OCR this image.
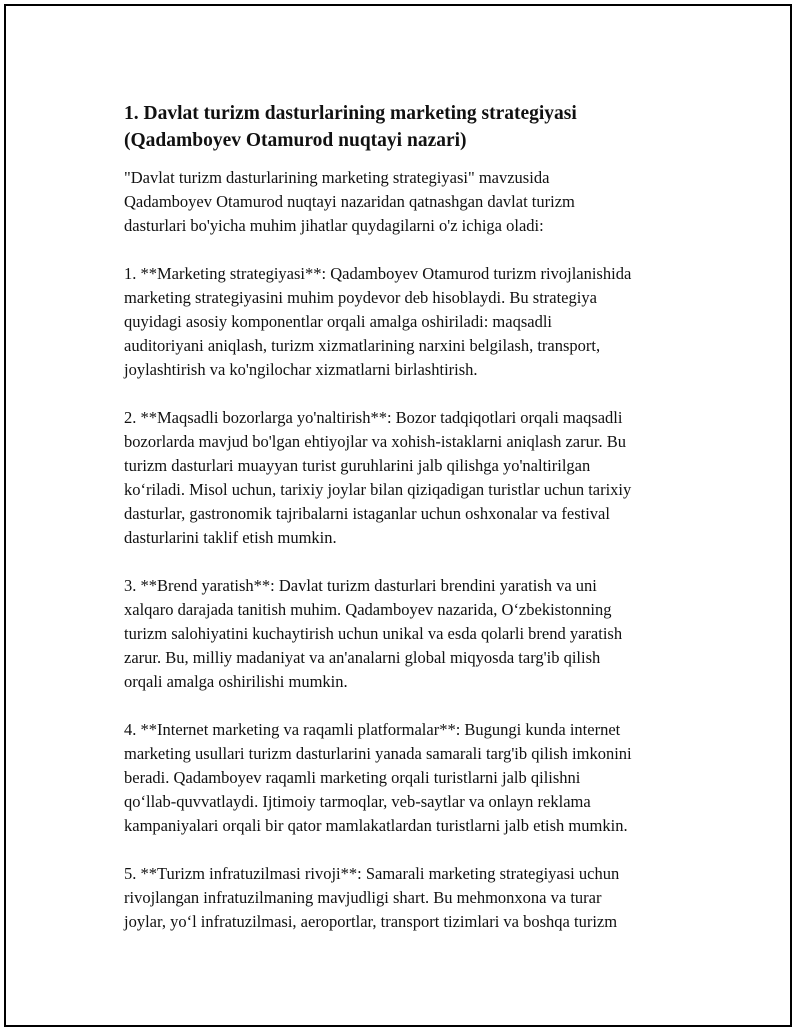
1. Davlat turizm dasturlarining marketing strategiyasi
(Qadamboyev Otamurod nuqtayi nazari)
"Davlat turizm dasturlarining marketing strategiyasi" mavzusida
Qadamboyev Otamurod nuqtayi nazaridan qatnashgan davlat turizm
dasturlari bo'yicha muhim jihatlar quydagilarni o'z ichiga oladi:
1. **Marketing strategiyasi**: Qadamboyev Otamurod turizm rivojlanishida
marketing strategiyasini muhim poydevor deb hisoblaydi. Bu strategiya
quyidagi asosiy komponentlar orqali amalga oshiriladi: maqsadli
auditoriyani aniqlash, turizm xizmatlarining narxini belgilash, transport,
joylashtirish va ko'ngilochar xizmatlarni birlashtirish.
2. **Maqsadli bozorlarga yo'naltirish**: Bozor tadqiqotlari orqali maqsadli
bozorlarda mavjud bo'lgan ehtiyojlar va xohish-istaklarni aniqlash zarur. Bu
turizm dasturlari muayyan turist guruhlarini jalb qilishga yo'naltirilgan
ko‘riladi. Misol uchun, tarixiy joylar bilan qiziqadigan turistlar uchun tarixiy
dasturlar, gastronomik tajribalarni istaganlar uchun oshxonalar va festival
dasturlarini taklif etish mumkin.
3. **Brend yaratish**: Davlat turizm dasturlari brendini yaratish va uni
xalqaro darajada tanitish muhim. Qadamboyev nazarida, O‘zbekistonning
turizm salohiyatini kuchaytirish uchun unikal va esda qolarli brend yaratish
zarur. Bu, milliy madaniyat va an'analarni global miqyosda targ'ib qilish
orqali amalga oshirilishi mumkin.
4. **Internet marketing va raqamli platformalar**: Bugungi kunda internet
marketing usullari turizm dasturlarini yanada samarali targ'ib qilish imkonini
beradi. Qadamboyev raqamli marketing orqali turistlarni jalb qilishni
qo‘llab-quvvatlaydi. Ijtimoiy tarmoqlar, veb-saytlar va onlayn reklama
kampaniyalari orqali bir qator mamlakatlardan turistlarni jalb etish mumkin.
5. **Turizm infratuzilmasi rivoji**: Samarali marketing strategiyasi uchun
rivojlangan infratuzilmaning mavjudligi shart. Bu mehmonxona va turar
joylar, yo‘l infratuzilmasi, aeroportlar, transport tizimlari va boshqa turizm
